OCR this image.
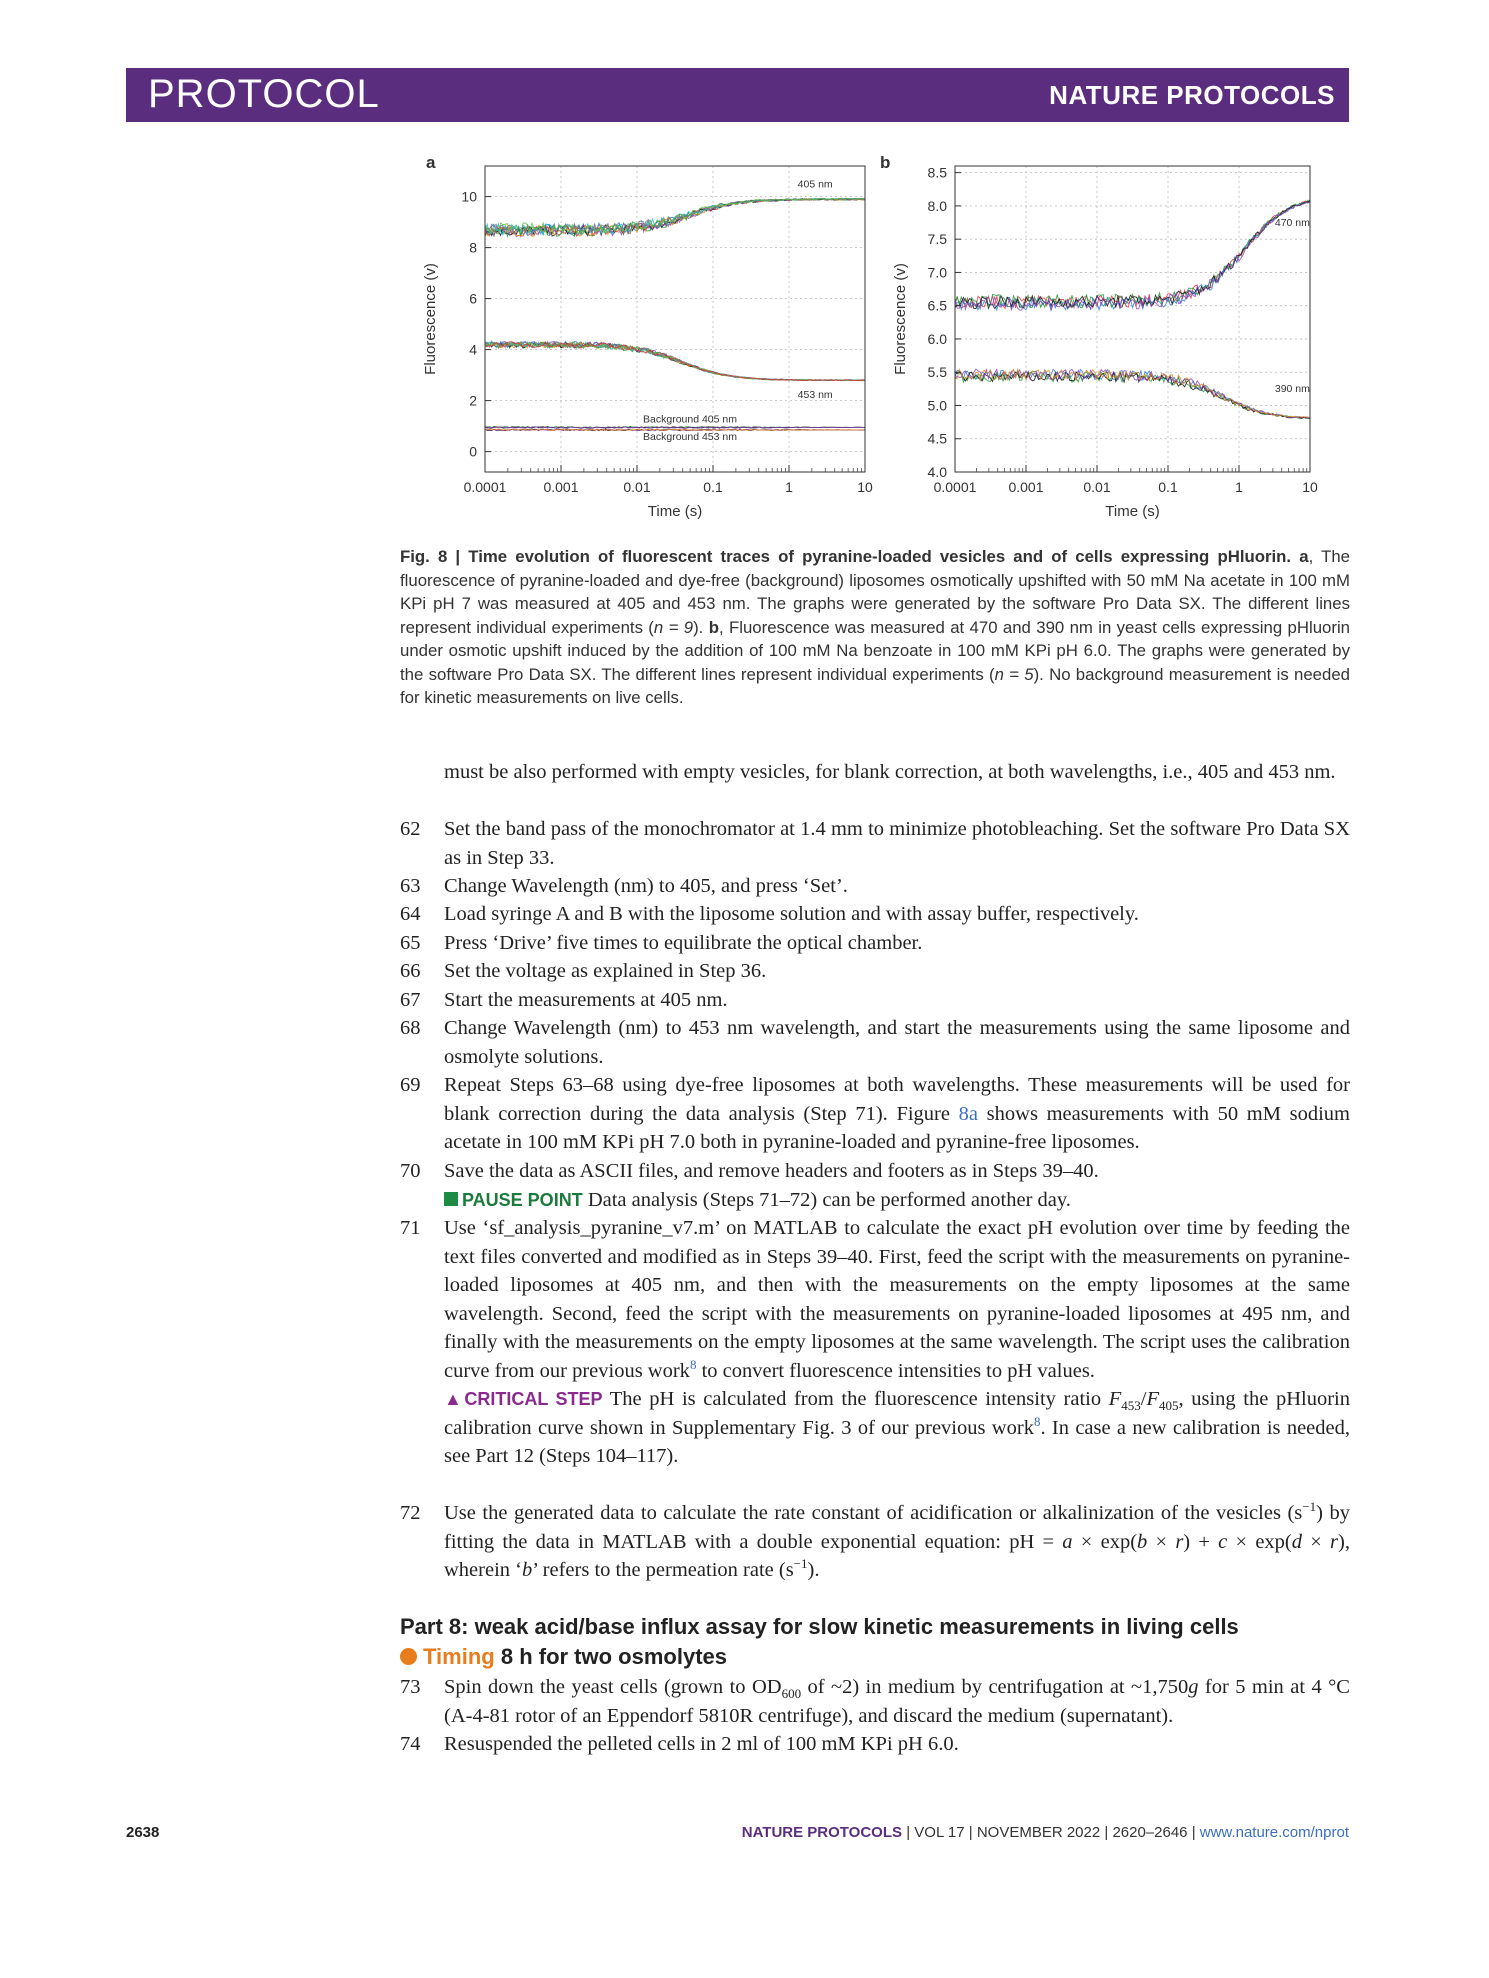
PROTOCOL	NATURE PROTOCOLS
a
0.0001	0.001	0.01	0.1	1	10
0
2
4
6
8
10
Time (s)
Fluorescence (v)
405 nm
453 nm
Background 405 nm
Background 453 nm
b
0.0001 0.001	0.01	0.1	1	10
4.0
4.5
5.0
5.5
6.0
6.5
7.0
7.5
8.0
8.5
Time (s)
Fluorescence (v)
470 nm
390 nm
Fig. 8 | Time evolution of fluorescent traces of pyranine-loaded vesicles and of cells expressing pHluorin. a, The fluorescence of pyranine-loaded and dye-free (background) liposomes osmotically upshifted with 50 mM Na acetate in 100 mM KPi pH 7 was measured at 405 and 453 nm. The graphs were generated by the software Pro Data SX. The different lines represent individual experiments (n = 9). b, Fluorescence was measured at 470 and 390 nm in yeast cells expressing pHluorin under osmotic upshift induced by the addition of 100 mM Na benzoate in 100 mM KPi pH 6.0. The graphs were generated by the software Pro Data SX. The different lines represent individual experiments (n = 5). No background measurement is needed for kinetic measurements on live cells.
must be also performed with empty vesicles, for blank correction, at both wavelengths, i.e., 405 and 453 nm.
62	Set the band pass of the monochromator at 1.4 mm to minimize photobleaching. Set the software Pro Data SX as in Step 33.
63	Change Wavelength (nm) to 405, and press ‘Set’.
64	Load syringe A and B with the liposome solution and with assay buffer, respectively.
65	Press ‘Drive’ five times to equilibrate the optical chamber.
66	Set the voltage as explained in Step 36.
67	Start the measurements at 405 nm.
68	Change Wavelength (nm) to 453 nm wavelength, and start the measurements using the same liposome and osmolyte solutions.
69	Repeat Steps 63–68 using dye-free liposomes at both wavelengths. These measurements will be used for blank correction during the data analysis (Step 71). Figure 8a shows measurements with 50 mM sodium acetate in 100 mM KPi pH 7.0 both in pyranine-loaded and pyranine-free liposomes.
70	Save the data as ASCII files, and remove headers and footers as in Steps 39–40.
PAUSE POINT Data analysis (Steps 71–72) can be performed another day.
71	Use ‘sf_analysis_pyranine_v7.m’ on MATLAB to calculate the exact pH evolution over time by feeding the text files converted and modified as in Steps 39–40. First, feed the script with the measurements on pyranine-loaded liposomes at 405 nm, and then with the measurements on the empty liposomes at the same wavelength. Second, feed the script with the measurements on pyranine-loaded liposomes at 495 nm, and finally with the measurements on the empty liposomes at the same wavelength. The script uses the calibration curve from our previous work$^8$ to convert fluorescence intensities to pH values.
▲CRITICAL STEP The pH is calculated from the fluorescence intensity ratio $F_{453}/F_{405}$, using the pHluorin calibration curve shown in Supplementary Fig. 3 of our previous work$^8$. In case a new calibration is needed, see Part 12 (Steps 104–117).
72	Use the generated data to calculate the rate constant of acidification or alkalinization of the vesicles $(s^{-1})$ by fitting the data in MATLAB with a double exponential equation: pH = a × exp(b × r) + c × exp(d × r), wherein ‘b’ refers to the permeation rate $(s^{-1})$.
Part 8: weak acid/base influx assay for slow kinetic measurements in living cells
Timing 8 h for two osmolytes
73	Spin down the yeast cells (grown to $OD_{600}$ of ~2) in medium by centrifugation at ~1,750g for 5 min at 4 °C (A-4-81 rotor of an Eppendorf 5810R centrifuge), and discard the medium (supernatant).
74	Resuspended the pelleted cells in 2 ml of 100 mM KPi pH 6.0.
2638	NATURE PROTOCOLS | VOL 17 | NOVEMBER 2022 | 2620–2646 | www.nature.com/nprot
